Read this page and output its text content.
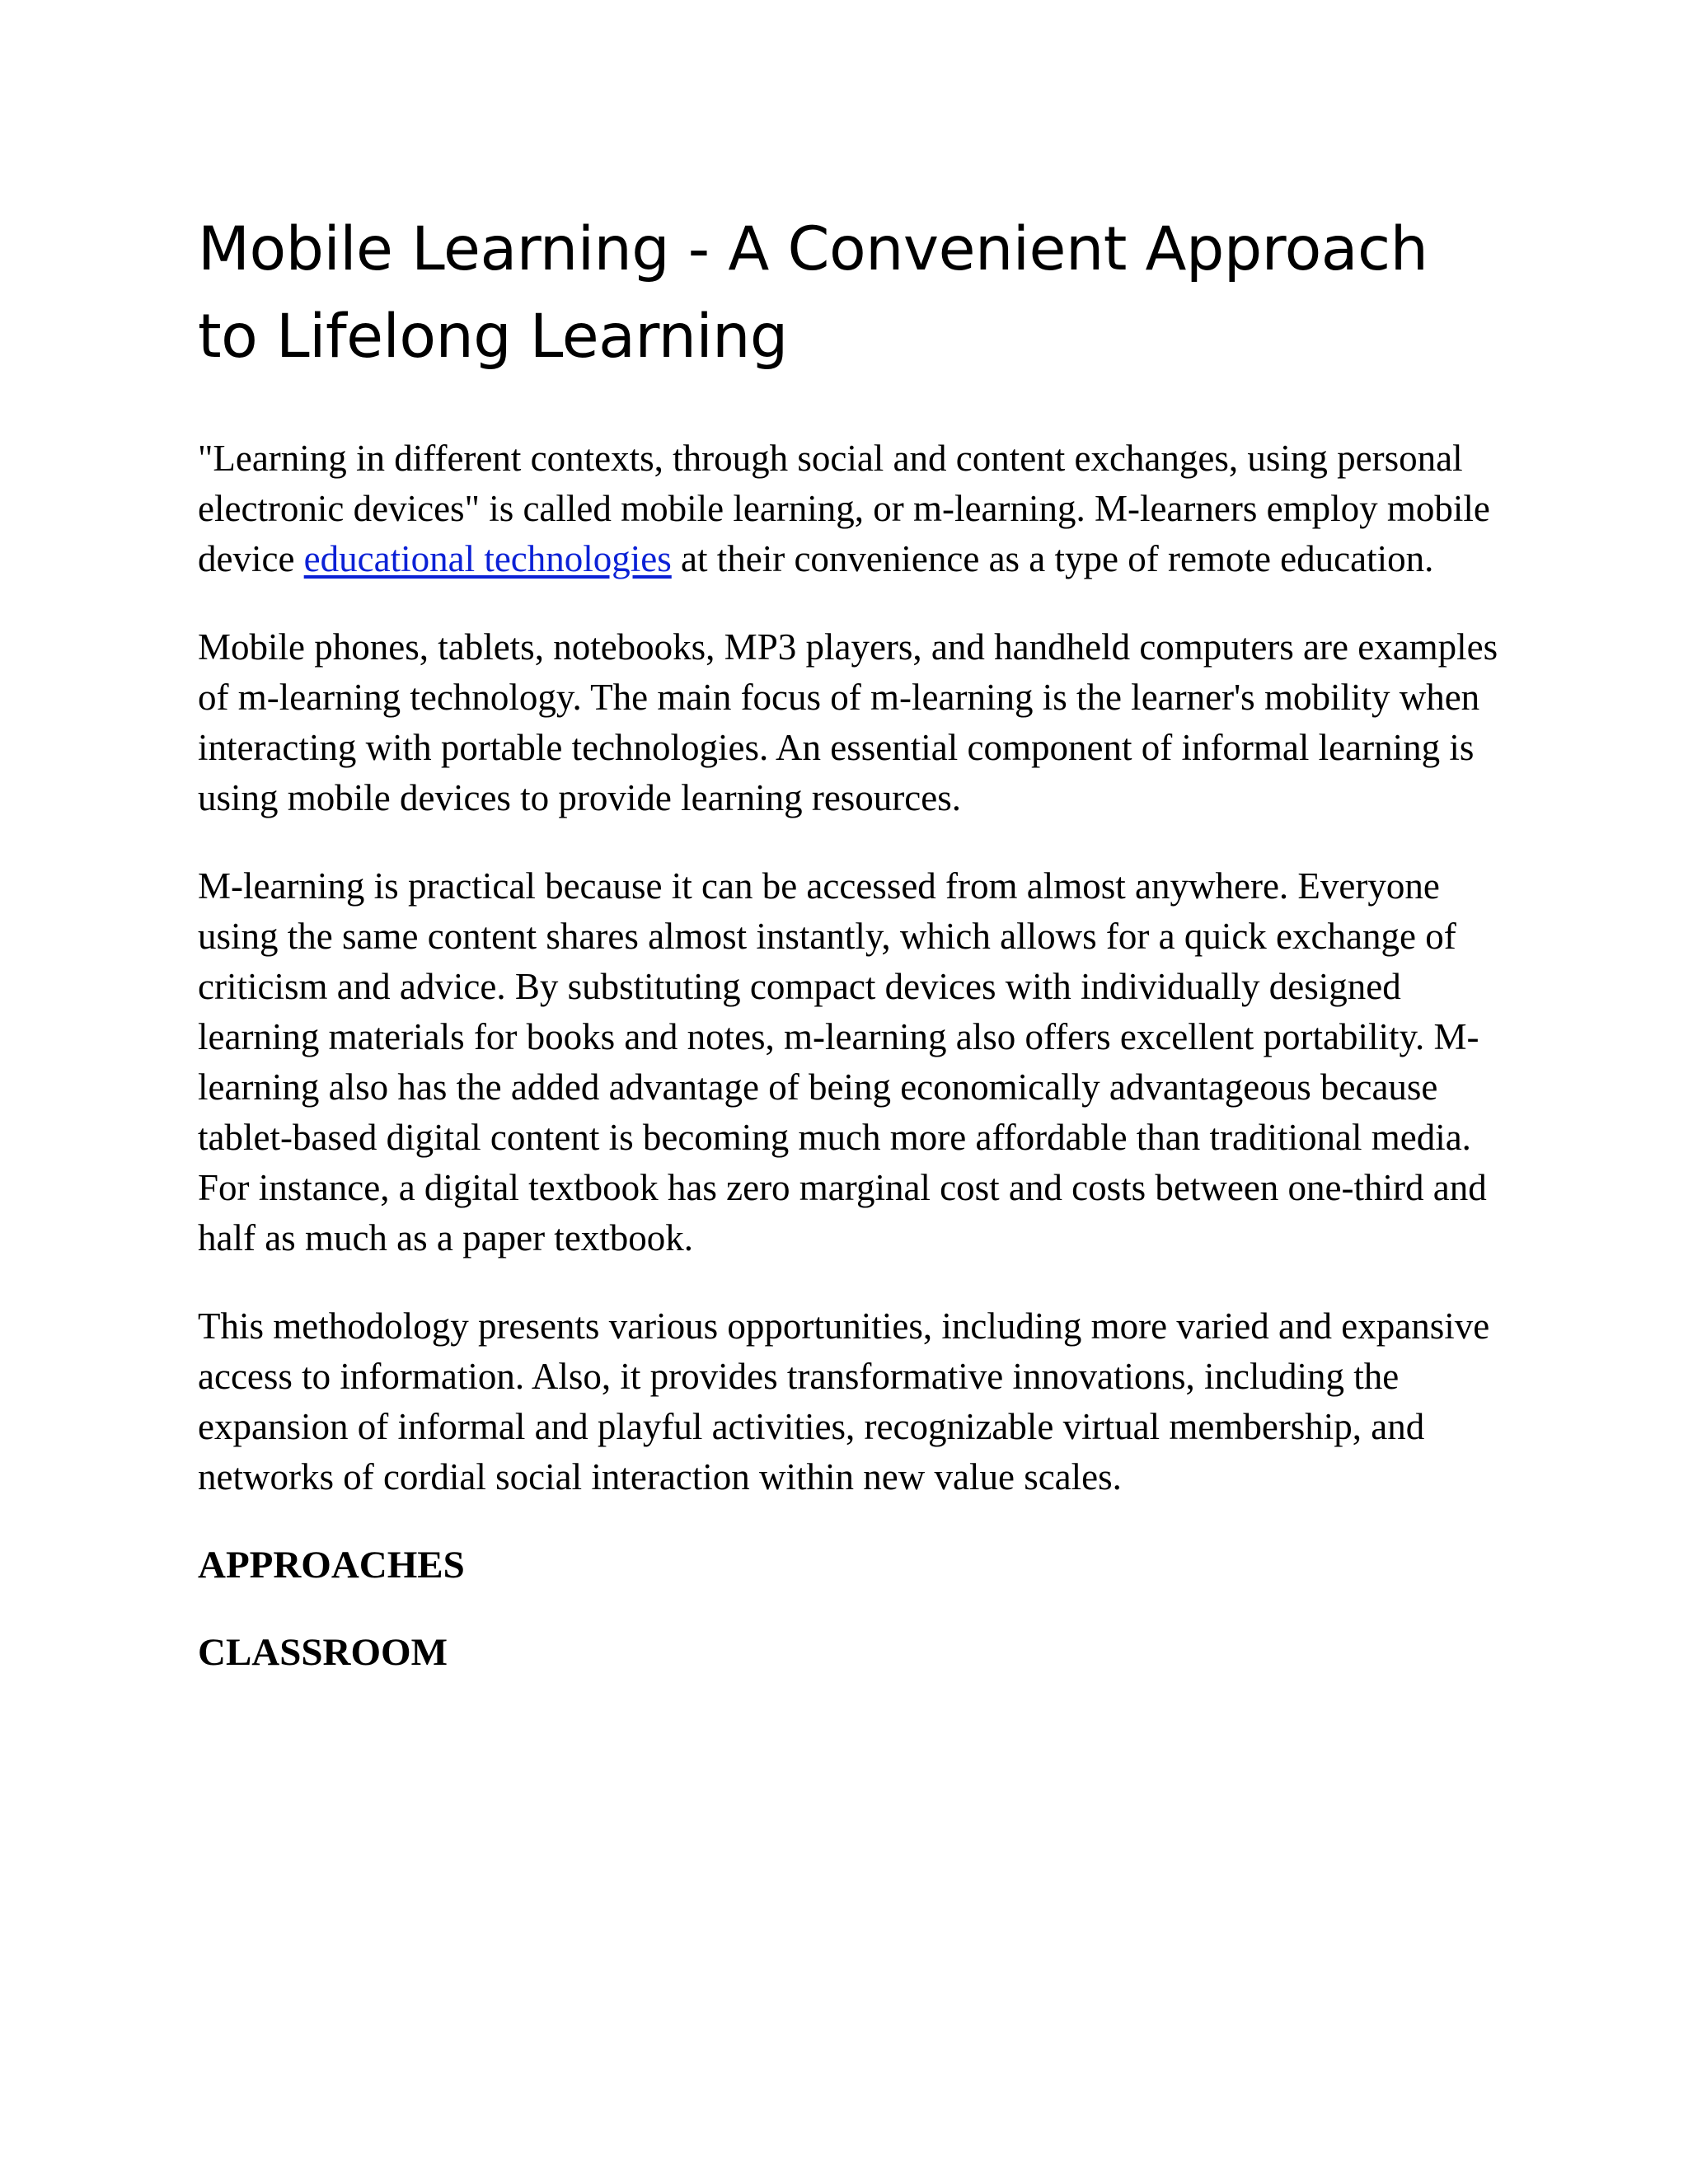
Mobile Learning - A Convenient Approach to Lifelong Learning

"Learning in different contexts, through social and content exchanges, using personal electronic devices" is called mobile learning, or m-learning. M-learners employ mobile device educational technologies at their convenience as a type of remote education.

Mobile phones, tablets, notebooks, MP3 players, and handheld computers are examples of m-learning technology. The main focus of m-learning is the learner's mobility when interacting with portable technologies. An essential component of informal learning is using mobile devices to provide learning resources.

M-learning is practical because it can be accessed from almost anywhere. Everyone using the same content shares almost instantly, which allows for a quick exchange of criticism and advice. By substituting compact devices with individually designed learning materials for books and notes, m-learning also offers excellent portability. M-learning also has the added advantage of being economically advantageous because tablet-based digital content is becoming much more affordable than traditional media. For instance, a digital textbook has zero marginal cost and costs between one-third and half as much as a paper textbook.

This methodology presents various opportunities, including more varied and expansive access to information. Also, it provides transformative innovations, including the expansion of informal and playful activities, recognizable virtual membership, and networks of cordial social interaction within new value scales.

APPROACHES
CLASSROOM
